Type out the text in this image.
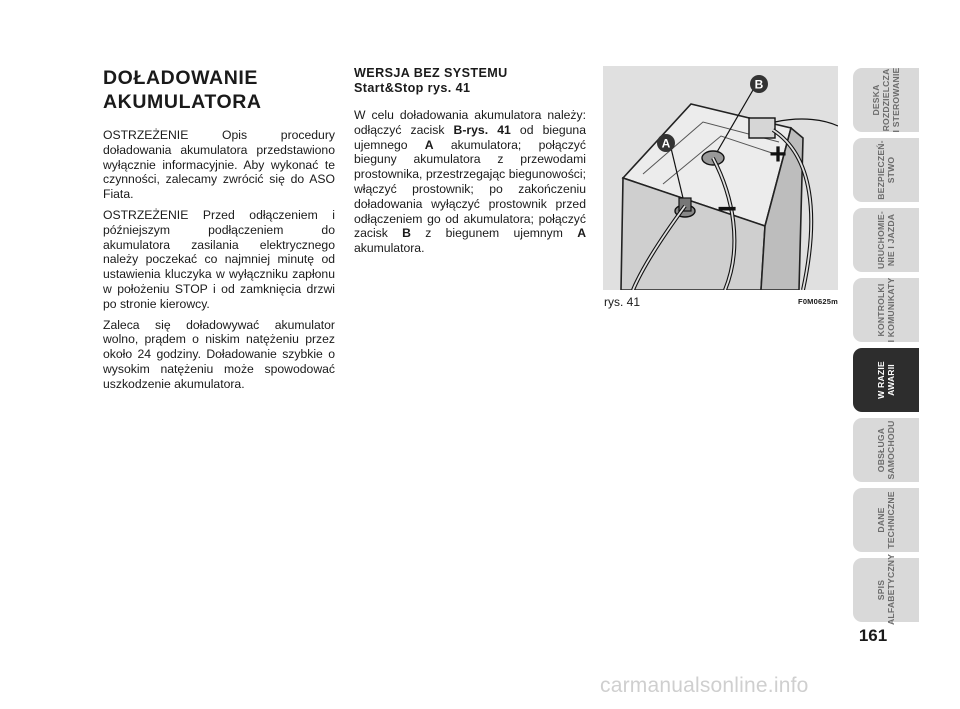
DOŁADOWANIE
AKUMULATORA

OSTRZEŻENIE Opis procedury doładowania akumulatora przedstawiono wyłącznie informacyjnie. Aby wykonać te czynności, zalecamy zwrócić się do ASO Fiata.

OSTRZEŻENIE Przed odłączeniem i późniejszym podłączeniem do akumulatora zasilania elektrycznego należy poczekać co najmniej minutę od ustawienia kluczyka w wyłączniku zapłonu w położeniu STOP i od zamknięcia drzwi po stronie kierowcy.

Zaleca się doładowywać akumulator wolno, prądem o niskim natężeniu przez około 24 godziny. Doładowanie szybkie o wysokim natężeniu może spowodować uszkodzenie akumulatora.

WERSJA BEZ SYSTEMU
Start&Stop rys. 41

W celu doładowania akumulatora należy: odłączyć zacisk B-rys. 41 od bieguna ujemnego A akumulatora; połączyć bieguny akumulatora z przewodami prostownika, przestrzegając biegunowości; włączyć prostownik; po zakończeniu doładowania wyłączyć prostownik przed odłączeniem go od akumulatora; połączyć zacisk B z biegunem ujemnym A akumulatora.

A
B
+
−
rys. 41	F0M0625m
DESKA ROZDZIELCZA I STEROWANIE
BEZPIECZEŃ- STWO
URUCHOMIE- NIE I JAZDA
KONTROLKI I KOMUNIKATY
W RAZIE AWARII
OBSŁUGA SAMOCHODU
DANE TECHNICZNE
SPIS ALFABETYCZNY
161
carmanualsonline.info
